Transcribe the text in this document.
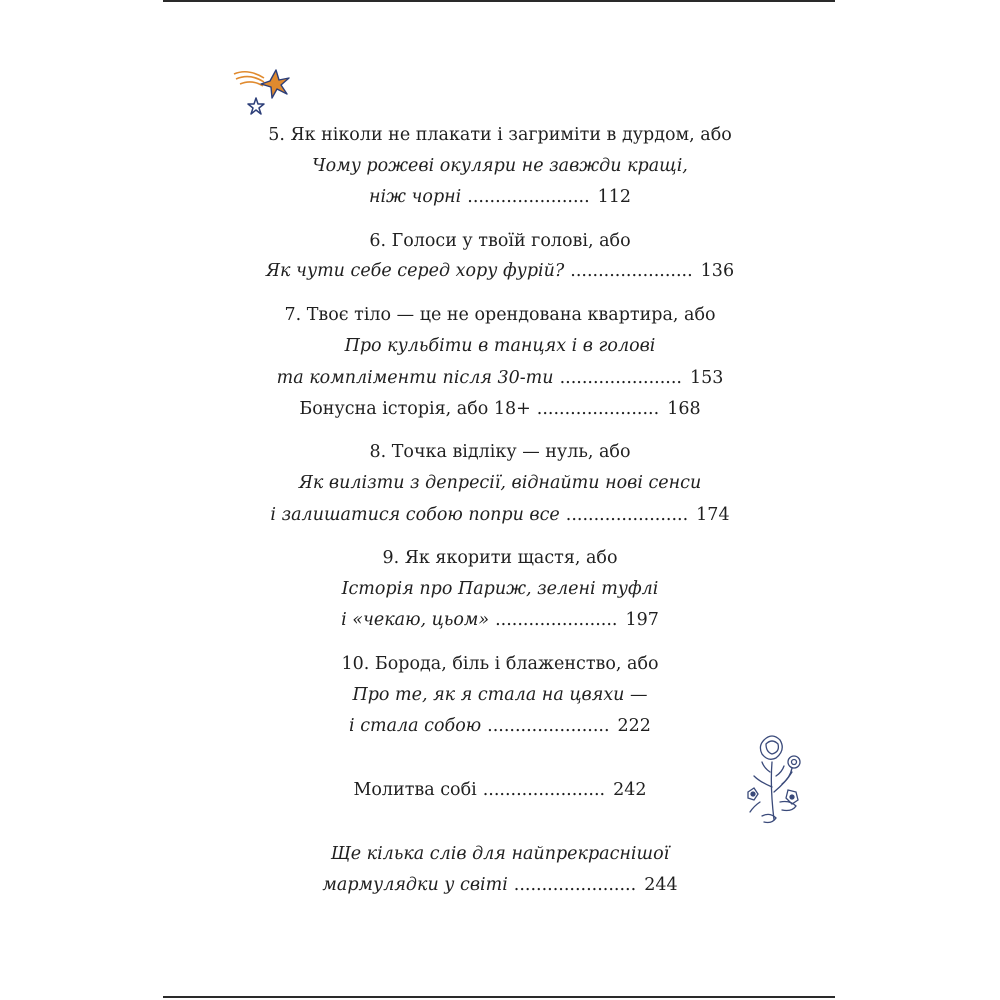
5. Як ніколи не плакати і загриміти в дурдом, або
Чому рожеві окуляри не завжди кращі,
ніж чорні ...................... 112
6. Голоси у твоїй голові, або
Як чути себе серед хору фурій? ...................... 136
7. Твоє тіло — це не орендована квартира, або
Про кульбіти в танцях і в голові
та компліменти після 30-ти ...................... 153
Бонусна історія, або 18+ ...................... 168
8. Точка відліку — нуль, або
Як вилізти з депресії, віднайти нові сенси
і залишатися собою попри все ...................... 174
9. Як якорити щастя, або
Історія про Париж, зелені туфлі
і «чекаю, цьом» ...................... 197
10. Борода, біль і блаженство, або
Про те, як я стала на цвяхи —
і стала собою ...................... 222
Молитва собі ...................... 242
Ще кілька слів для найпрекраснішої
мармулядки у світі ...................... 244
